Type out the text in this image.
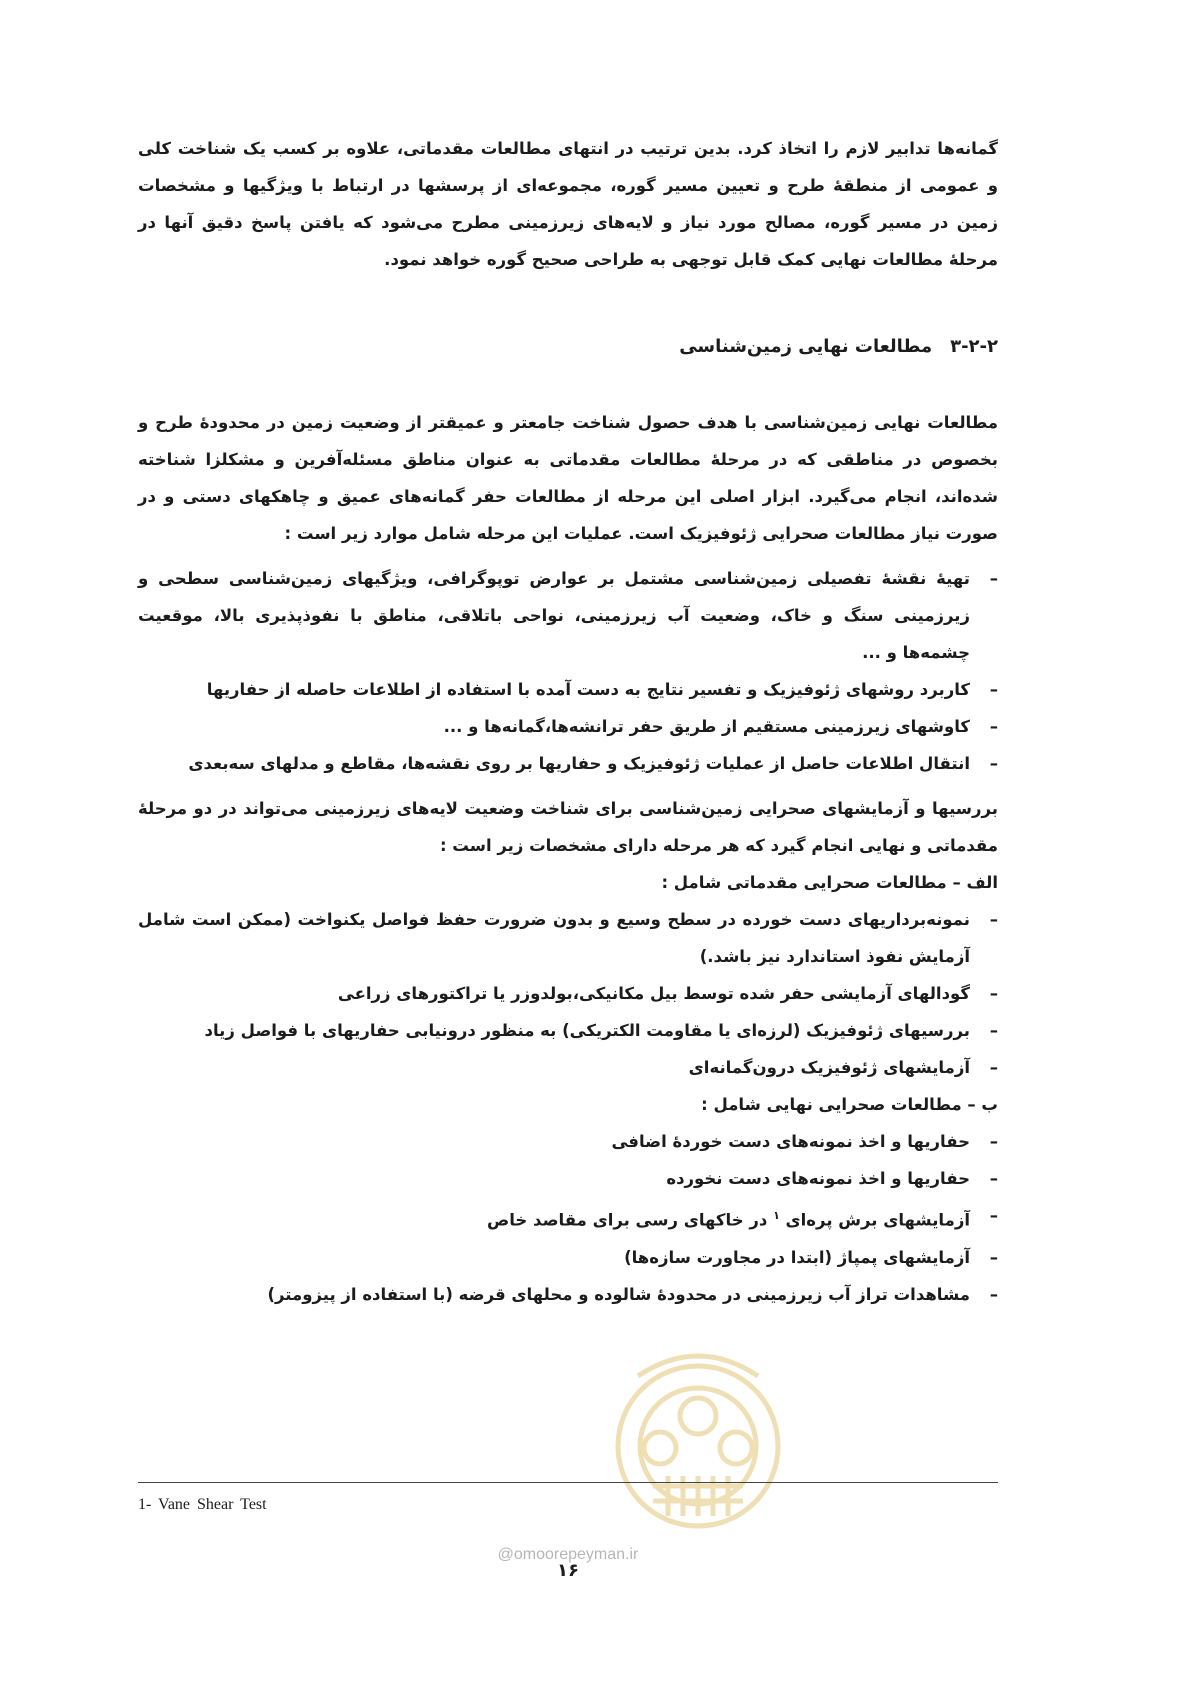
گمانه‌ها تدابیر لازم را اتخاذ کرد. بدین ترتیب در انتهای مطالعات مقدماتی، علاوه بر کسب یک شناخت کلی و عمومی از منطقهٔ طرح و تعیین مسیر گوره، مجموعه‌ای از پرسشها در ارتباط با ویژگیها و مشخصات زمین در مسیر گوره، مصالح مورد نیاز و لایه‌های زیرزمینی مطرح می‌شود که یافتن پاسخ دقیق آنها در مرحلهٔ مطالعات نهایی کمک قابل توجهی به طراحی صحیح گوره خواهد نمود.

۳-۲-۲مطالعات نهایی زمین‌شناسی

مطالعات نهایی زمین‌شناسی با هدف حصول شناخت جامعتر و عمیقتر از وضعیت زمین در محدودهٔ طرح و بخصوص در مناطقی که در مرحلهٔ مطالعات مقدماتی به عنوان مناطق مسئله‌آفرین و مشکلزا شناخته شده‌اند، انجام می‌گیرد. ابزار اصلی این مرحله از مطالعات حفر گمانه‌های عمیق و چاهکهای دستی و در صورت نیاز مطالعات صحرایی ژئوفیزیک است. عملیات این مرحله شامل موارد زیر است :

–
تهیهٔ نقشهٔ تفصیلی زمین‌شناسی مشتمل بر عوارض توپوگرافی، ویژگیهای زمین‌شناسی سطحی و زیرزمینی سنگ و خاک، وضعیت آب زیرزمینی، نواحی باتلاقی، مناطق با نفوذپذیری بالا، موقعیت چشمه‌ها و ...
–
کاربرد روشهای ژئوفیزیک و تفسیر نتایج به دست آمده با استفاده از اطلاعات حاصله از حفاریها
–
کاوشهای زیرزمینی مستقیم از طریق حفر ترانشه‌ها،گمانه‌ها و ...
–
انتقال اطلاعات حاصل از عملیات ژئوفیزیک و حفاریها بر روی نقشه‌ها، مقاطع و مدلهای سه‌بعدی

بررسیها و آزمایشهای صحرایی زمین‌شناسی برای شناخت وضعیت لایه‌های زیرزمینی می‌تواند در دو مرحلهٔ مقدماتی و نهایی انجام گیرد که هر مرحله دارای مشخصات زیر است :

الف – مطالعات صحرایی مقدماتی شامل :

–
نمونه‌برداریهای دست خورده در سطح وسیع و بدون ضرورت حفظ فواصل یکنواخت (ممکن است شامل آزمایش نفوذ استاندارد نیز باشد.)
–
گودالهای آزمایشی حفر شده توسط بیل مکانیکی،بولدوزر یا تراکتورهای زراعی
–
بررسیهای ژئوفیزیک (لرزه‌ای یا مقاومت الکتریکی) به منظور درونیابی حفاریهای با فواصل زیاد
–
آزمایشهای ژئوفیزیک درون‌گمانه‌ای

ب – مطالعات صحرایی نهایی شامل :

–
حفاریها و اخذ نمونه‌های دست خوردهٔ اضافی
–
حفاریها و اخذ نمونه‌های دست نخورده
–
آزمایشهای برش پره‌ای $^۱$ در خاکهای رسی برای مقاصد خاص
–
آزمایشهای پمپاژ (ابتدا در مجاورت سازه‌ها)
–
مشاهدات تراز آب زیرزمینی در محدودهٔ شالوده و محلهای قرضه (با استفاده از پیزومتر)
1- Vane Shear Test
@omoorepeyman.ir
۱۶
